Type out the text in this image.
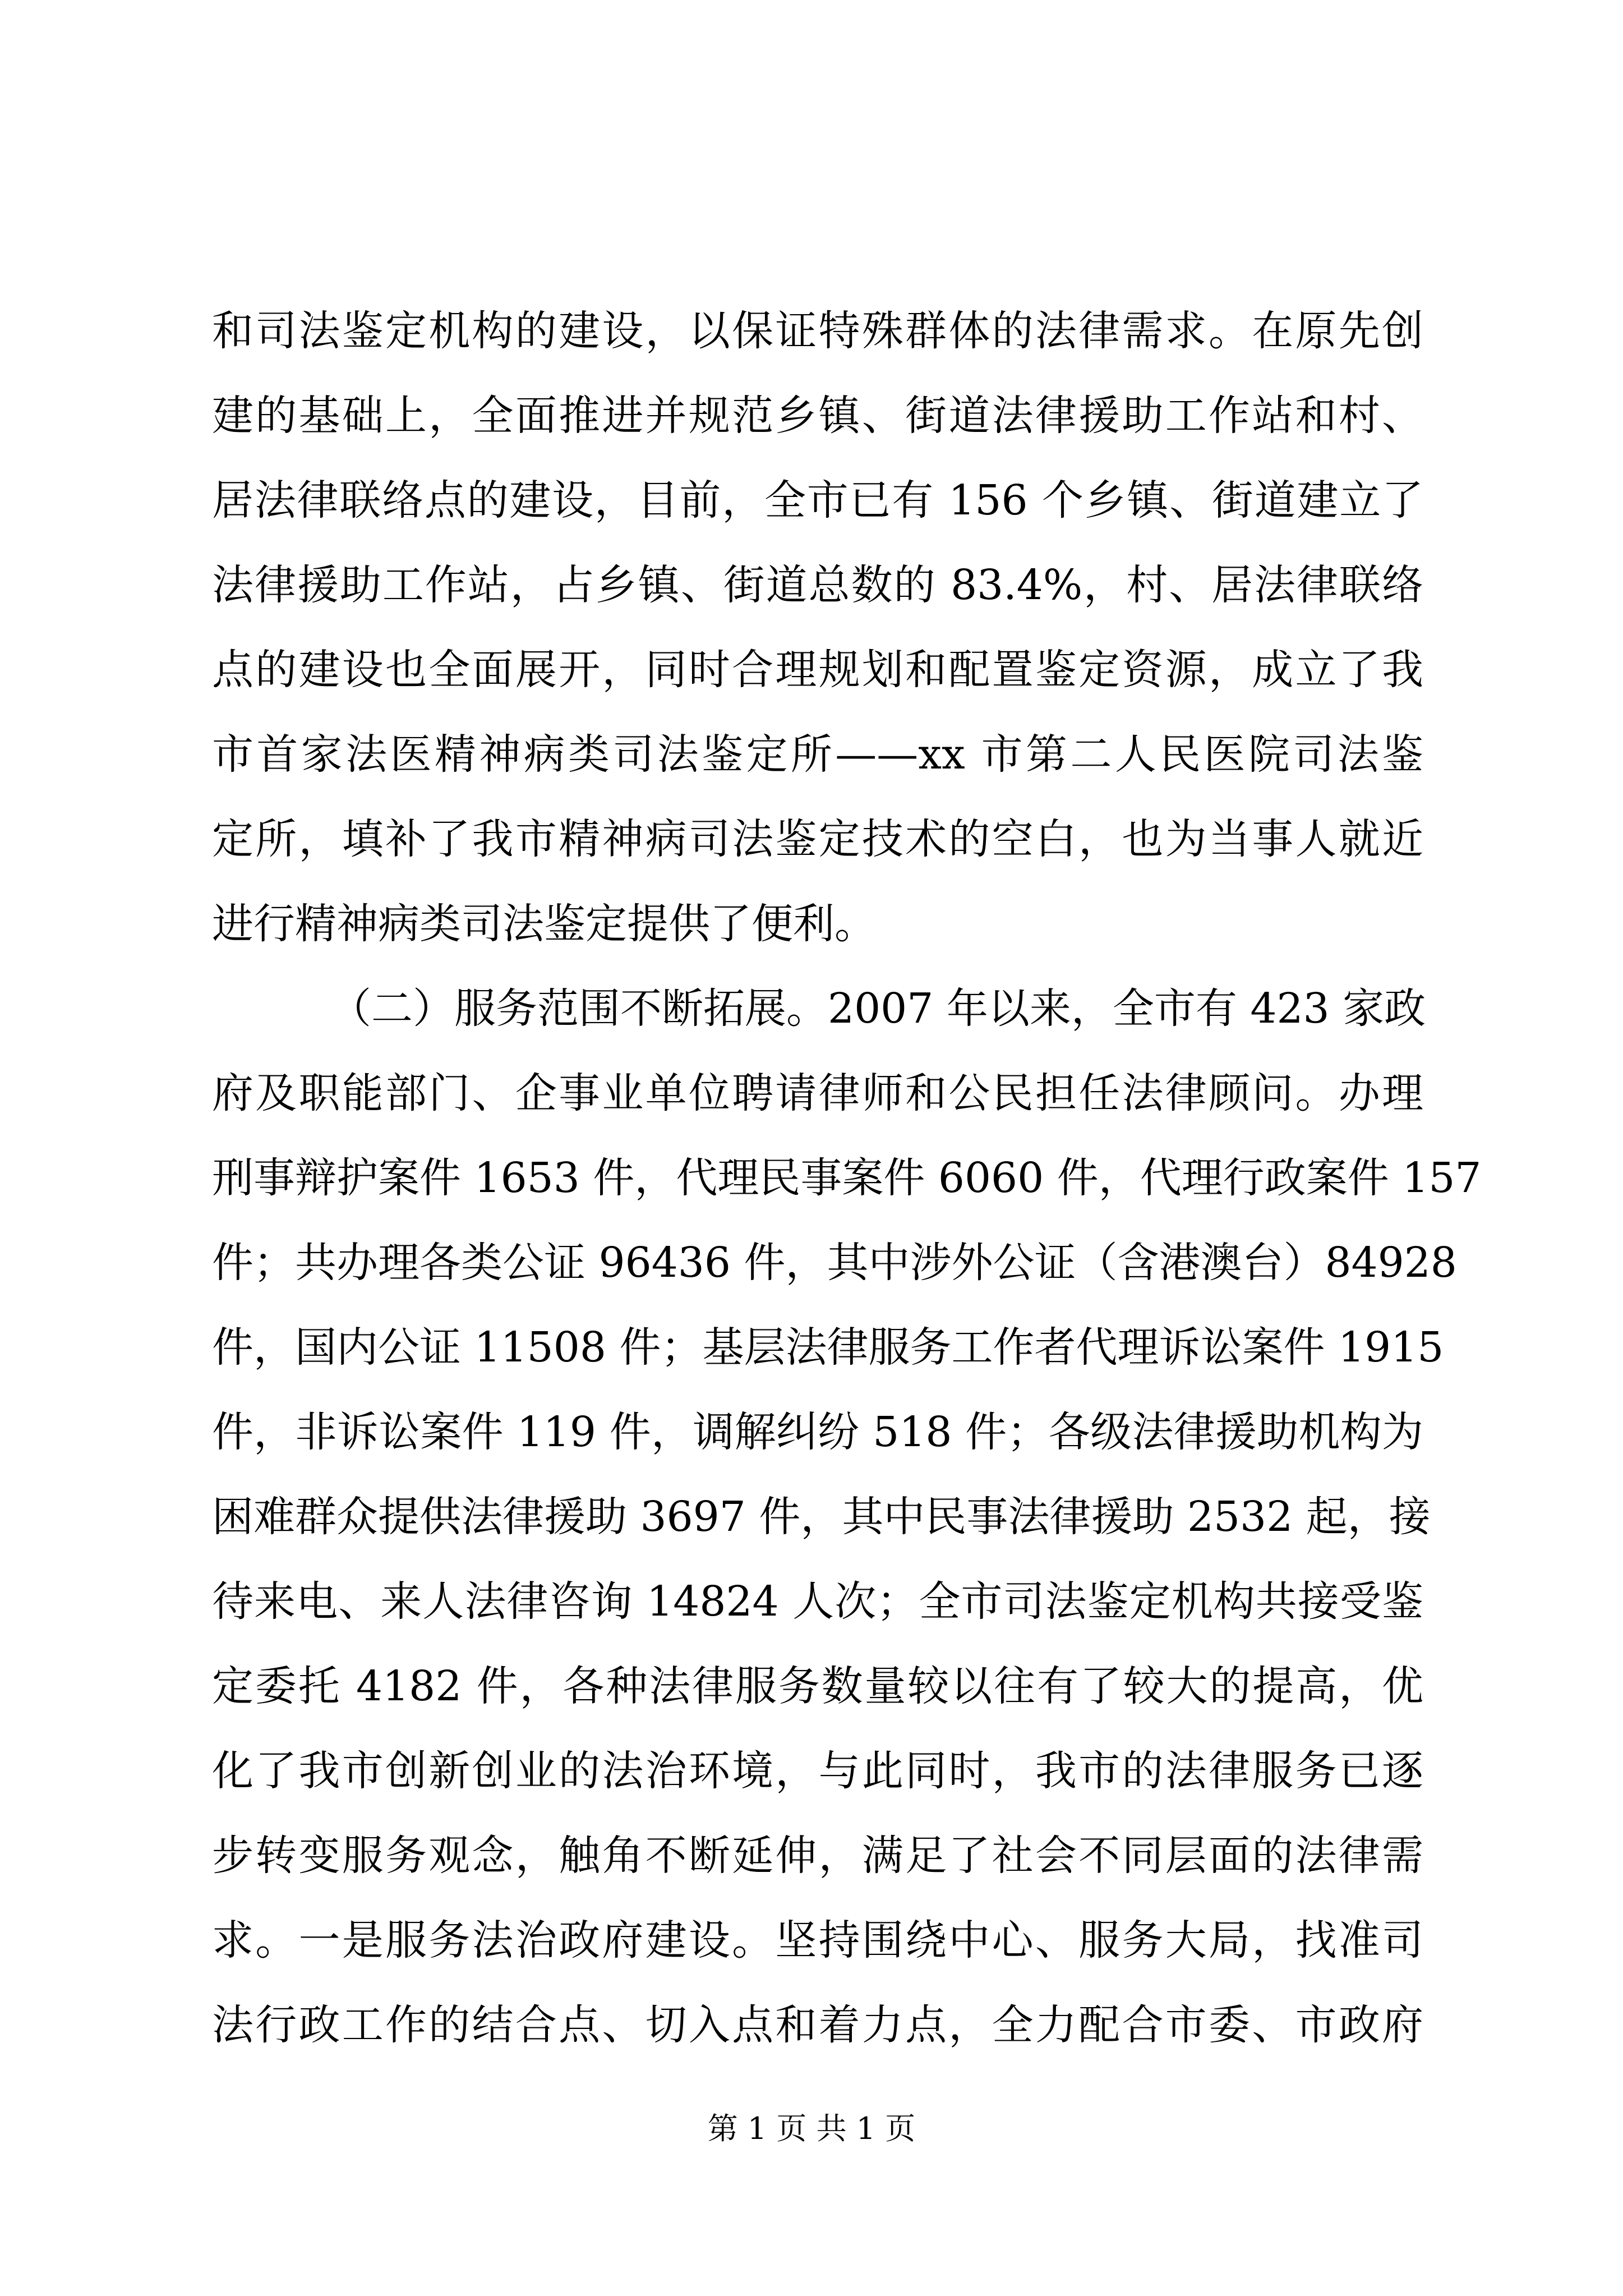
和司法鉴定机构的建设，以保证特殊群体的法律需求。在原先创
建的基础上，全面推进并规范乡镇、街道法律援助工作站和村、
居法律联络点的建设，目前，全市已有 156 个乡镇、街道建立了
法律援助工作站，占乡镇、街道总数的 83.4%，村、居法律联络
点的建设也全面展开，同时合理规划和配置鉴定资源，成立了我
市首家法医精神病类司法鉴定所——xx 市第二人民医院司法鉴
定所，填补了我市精神病司法鉴定技术的空白，也为当事人就近
进行精神病类司法鉴定提供了便利。
（二）服务范围不断拓展。2007 年以来，全市有 423 家政
府及职能部门、企事业单位聘请律师和公民担任法律顾问。办理
刑事辩护案件 1653 件，代理民事案件 6060 件，代理行政案件 157
件；共办理各类公证 96436 件，其中涉外公证（含港澳台）84928
件，国内公证 11508 件；基层法律服务工作者代理诉讼案件 1915
件，非诉讼案件 119 件，调解纠纷 518 件；各级法律援助机构为
困难群众提供法律援助 3697 件，其中民事法律援助 2532 起，接
待来电、来人法律咨询 14824 人次；全市司法鉴定机构共接受鉴
定委托 4182 件，各种法律服务数量较以往有了较大的提高，优
化了我市创新创业的法治环境，与此同时，我市的法律服务已逐
步转变服务观念，触角不断延伸，满足了社会不同层面的法律需
求。一是服务法治政府建设。坚持围绕中心、服务大局，找准司
法行政工作的结合点、切入点和着力点，全力配合市委、市政府
第 1 页 共 1 页
